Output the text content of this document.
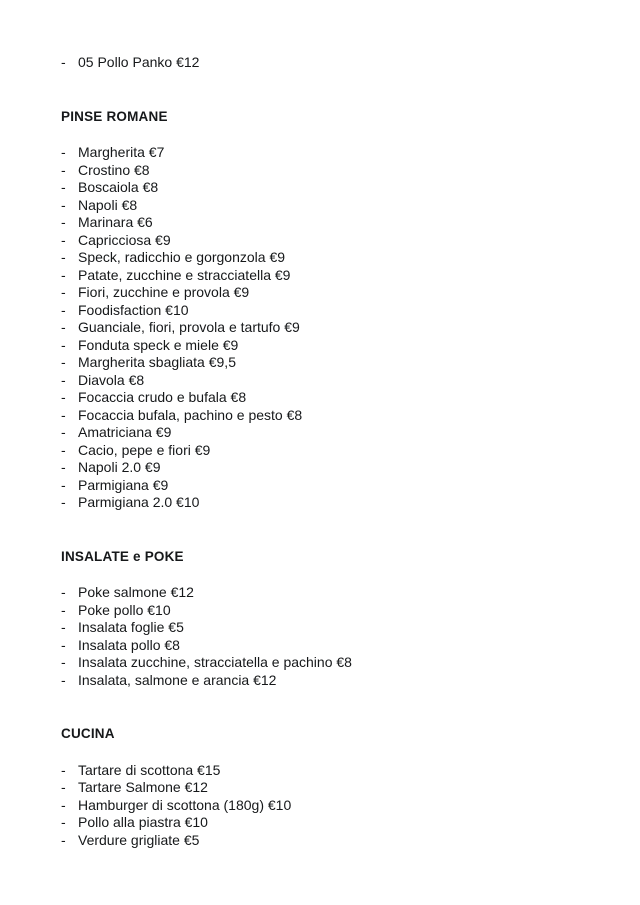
- 05 Pollo Panko €12
PINSE ROMANE
- Margherita €7
- Crostino €8
- Boscaiola €8
- Napoli €8
- Marinara €6
- Capricciosa €9
- Speck, radicchio e gorgonzola €9
- Patate, zucchine e stracciatella €9
- Fiori, zucchine e provola €9
- Foodisfaction €10
- Guanciale, fiori, provola e tartufo €9
- Fonduta speck e miele €9
- Margherita sbagliata €9,5
- Diavola €8
- Focaccia crudo e bufala €8
- Focaccia bufala, pachino e pesto €8
- Amatriciana €9
- Cacio, pepe e fiori €9
- Napoli 2.0 €9
- Parmigiana €9
- Parmigiana 2.0 €10
INSALATE e POKE
- Poke salmone €12
- Poke pollo €10
- Insalata foglie €5
- Insalata pollo €8
- Insalata zucchine, stracciatella e pachino €8
- Insalata, salmone e arancia €12
CUCINA
- Tartare di scottona €15
- Tartare Salmone €12
- Hamburger di scottona (180g) €10
- Pollo alla piastra €10
- Verdure grigliate €5
